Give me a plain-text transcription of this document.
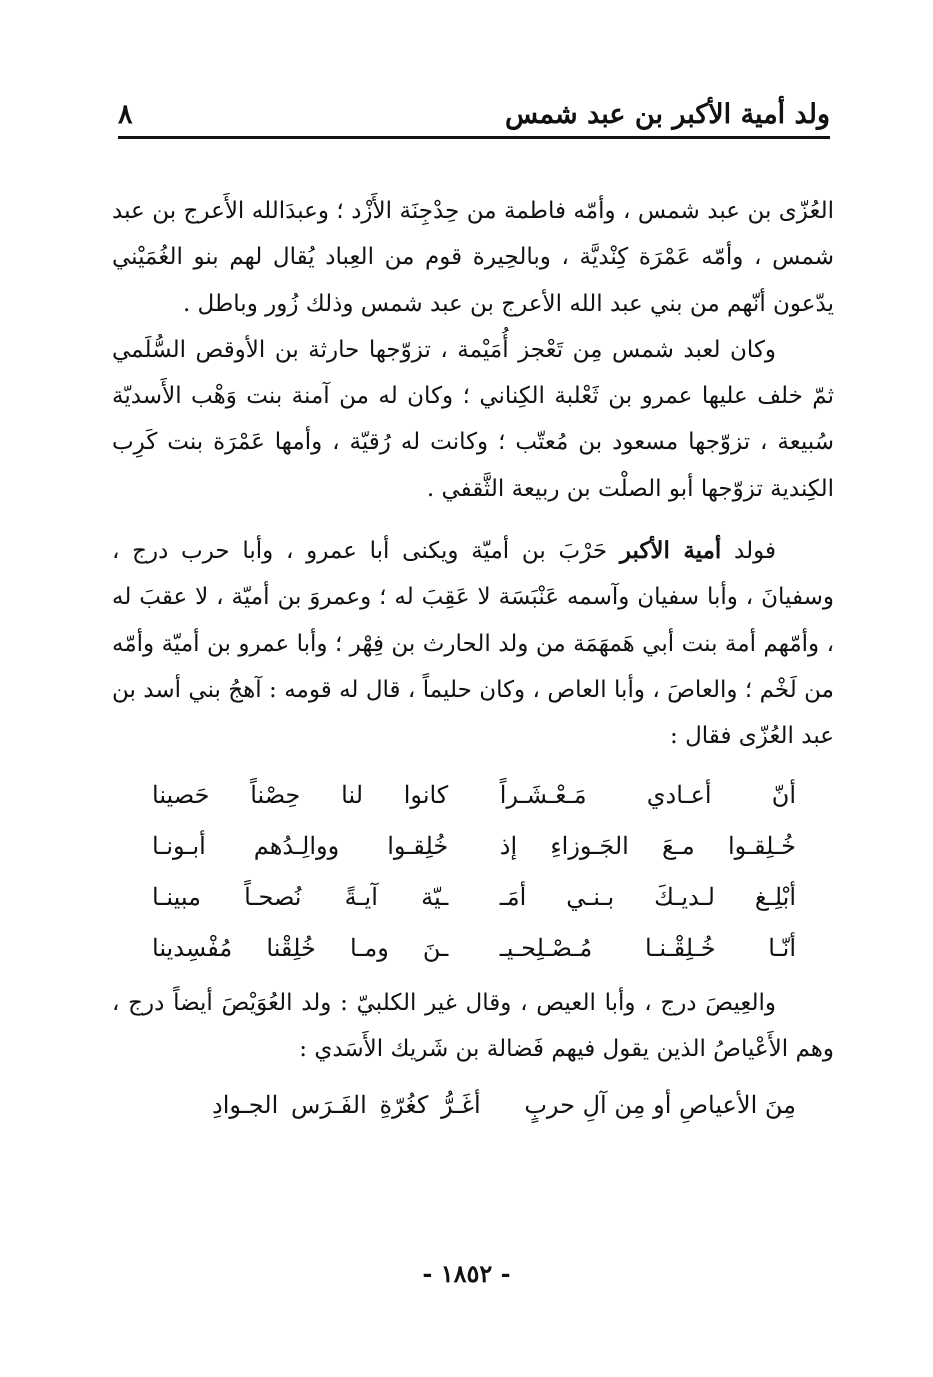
ولد أمية الأكبر بن عبد شمس
٨

العُزّى بن عبد شمس ، وأمّه فاطمة من حِدْجِنَة الأَزْد ؛ وعبدَالله الأَعرج بن عبد شمس ، وأمّه عَمْرَة كِنْديَّة ، وبالحِيرة قوم من العِباد يُقال لهم بنو الغُمَيْني يدّعون أنّهم من بني عبد الله الأعرج بن عبد شمس وذلك زُور وباطل .

وكان لعبد شمس مِن تَعْجز أُمَيْمة ، تزوّجها حارثة بن الأوقص السُّلَمي ثمّ خلف عليها عمرو بن ثَعْلبة الكِناني ؛ وكان له من آمنة بنت وَهْب الأَسديّة سُبيعة ، تزوّجها مسعود بن مُعتّب ؛ وكانت له رُقيّة ، وأمها عَمْرَة بنت كَرِب الكِندية تزوّجها أبو الصلْت بن ربيعة الثَّقفي .

فولد أمية الأكبر حَرْبَ بن أميّة ويكنى أبا عمرو ، وأبا حرب درج ، وسفيانَ ، وأبا سفيان وآسمه عَنْبَسَة لا عَقِبَ له ؛ وعمروَ بن أميّة ، لا عقبَ له ، وأمّهم أمة بنت أبي هَمهَمَة من ولد الحارث بن فِهْر ؛ وأبا عمرو بن أميّة وأمّه من لَخْم ؛ والعاصَ ، وأبا العاص ، وكان حليماً ، قال له قومه : آهجُ بني أسد بن عبد العُزّى فقال :

أنّ أعـادي مَـعْـشَـراً
كانوا لنا حِصْناً حَصينا
خُـلِقـوا مـعَ الجَـوزاءِ إذ
خُلِقـوا ووالِـدُهم أبـونـا
أبْلِـغ لـديـكَ بـنـي أمَـ
ـيّة آيـةً نُصحـاً مبينـا
أنّـا خُـلِقْـنـا مُـصْـلِحـيـ
ـنَ ومـا خُلِقْنا مُفْسِدينا

والعِيصَ درج ، وأبا العيص ، وقال غير الكلبيّ : ولد العُوَيْصَ أيضاً درج ، وهم الأَعْياصُ الذين يقول فيهم فَضالة بن شَريك الأَسَدي :

مِنَ الأعياصِ أو مِن آلِ حربٍ
أغَـرُّ كغُرّةِ الفَـرَس الجـوادِ
- ١٨٥٢ -
